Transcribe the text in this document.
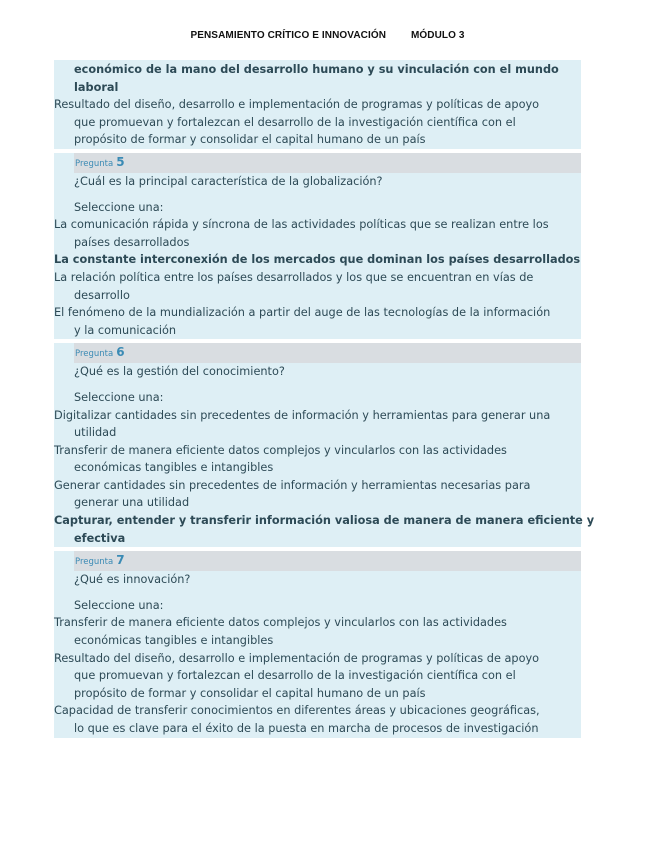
PENSAMIENTO CRÍTICO E INNOVACIÓN MÓDULO 3
económico de la mano del desarrollo humano y su vinculación con el mundo
laboral
Resultado del diseño, desarrollo e implementación de programas y políticas de apoyo
que promuevan y fortalezcan el desarrollo de la investigación científica con el
propósito de formar y consolidar el capital humano de un país
Pregunta 5
¿Cuál es la principal característica de la globalización?
Seleccione una:
La comunicación rápida y síncrona de las actividades políticas que se realizan entre los
países desarrollados
La constante interconexión de los mercados que dominan los países desarrollados
La relación política entre los países desarrollados y los que se encuentran en vías de
desarrollo
El fenómeno de la mundialización a partir del auge de las tecnologías de la información
y la comunicación
Pregunta 6
¿Qué es la gestión del conocimiento?
Seleccione una:
Digitalizar cantidades sin precedentes de información y herramientas para generar una
utilidad
Transferir de manera eficiente datos complejos y vincularlos con las actividades
económicas tangibles e intangibles
Generar cantidades sin precedentes de información y herramientas necesarias para
generar una utilidad
Capturar, entender y transferir información valiosa de manera de manera eficiente y
efectiva
Pregunta 7
¿Qué es innovación?
Seleccione una:
Transferir de manera eficiente datos complejos y vincularlos con las actividades
económicas tangibles e intangibles
Resultado del diseño, desarrollo e implementación de programas y políticas de apoyo
que promuevan y fortalezcan el desarrollo de la investigación científica con el
propósito de formar y consolidar el capital humano de un país
Capacidad de transferir conocimientos en diferentes áreas y ubicaciones geográficas,
lo que es clave para el éxito de la puesta en marcha de procesos de investigación
